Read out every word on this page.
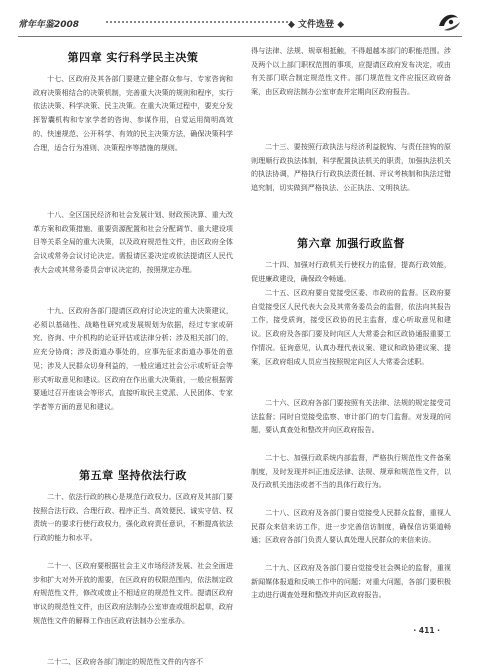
常年年鉴2008	◆ 文件选登 ◆
第四章 实行科学民主决策

十七、区政府及其各部门要建立健全群众参与、专家咨询和政府决策相结合的决策机制，完善重大决策的规则和程序，实行依法决策、科学决策、民主决策。在重大决策过程中，要充分发挥智囊机构和专家学者的咨询、参谋作用，自觉运用简明高效的、快速规范、公开科学、有效的民主决策方法，确保决策科学合理，适合行为准则、决策程序等措施的规则。

十八、全区国民经济和社会发展计划、财政预决算、重大改革方案和政策措施、重要资源配置和社会分配调节、重大建设项目等关系全局的重大决策，以及政府规范性文件，由区政府全体会议或常务会议讨论决定。需报请区委决定或依法提请区人民代表大会或其常务委员会审议决定的，按照规定办理。

十九、区政府各部门提请区政府讨论决定的重大决策建议，必须以基础性、战略性研究或发展规划为依据，经过专家或研究、咨询、中介机构的论证评估或法律分析；涉及相关部门的，应充分协商；涉及街道办事处的，应事先征求街道办事处的意见；涉及人民群众切身利益的，一般应通过社会公示或听证会等形式听取意见和建议。区政府在作出重大决策前，一般应根据需要通过召开座谈会等形式，直接听取民主党派、人民团体、专家学者等方面的意见和建议。

第五章 坚持依法行政

二十、依法行政的核心是规范行政权力。区政府及其部门要按照合法行政、合理行政、程序正当、高效便民、诚实守信、权责统一的要求行使行政权力，强化政府责任意识，不断提高依法行政的能力和水平。

二十一、区政府要根据社会主义市场经济发展、社会全面进步和扩大对外开放的需要，在区政府的权限范围内，依法制定政府规范性文件，修改或废止不相适应的规范性文件。提请区政府审议的规范性文件，由区政府法制办公室审查或组织起草，政府规范性文件的解释工作由区政府法制办公室承办。

二十二、区政府各部门制定的规范性文件的内容不

得与法律、法规、规章相抵触，不得超越本部门的职能范围。涉及两个以上部门职权范围的事项，应提请区政府发布决定，或由有关部门联合制定规范性文件。部门规范性文件应报区政府备案，由区政府法制办公室审查并定期向区政府报告。

二十三、要按照行政执法与经济利益脱钩、与责任挂钩的原则理顺行政执法体制，科学配置执法机关的职责，加强执法机关的执法协调，严格执行行政执法责任制、评议考核制和执法过错追究制，切实做到严格执法、公正执法、文明执法。

第六章 加强行政监督

二十四、加强对行政机关行使权力的监督，提高行政效能，促进廉政建设，确保政令畅通。

二十五、区政府要自觉接受区委、市政府的监督。区政府要自觉接受区人民代表大会及其常务委员会的监督，依法向其报告工作，接受质询，接受区政协的民主监督，虚心听取意见和建议。区政府及各部门要及时向区人大常委会和区政协通报重要工作情况。征询意见，认真办理代表议案、建议和政协建议案、提案，区政府组成人员应当按照规定向区人大常委会述职。

二十六、区政府各部门要按照有关法律、法规的规定接受司法监督；同时自觉接受监察、审计部门的专门监督。对发现的问题，要认真查处和整改并向区政府报告。

二十七、加强行政系统内部监督，严格执行规范性文件备案制度，及时发现并纠正违反法律、法规、规章和规范性文件，以及行政机关违法或者不当的具体行政行为。

二十八、区政府及各部门要自觉接受人民群众监督，重视人民群众来信来访工作，进一步完善信访制度，确保信访渠道畅通；区政府各部门负责人要认真处理人民群众的来信来访。

二十九、区政府及各部门要自觉接受社会舆论的监督，重视新闻媒体报道和反映工作中的问题；对重大问题，各部门要积极主动进行调查处理和整改并向区政府报告。

· 411 ·
